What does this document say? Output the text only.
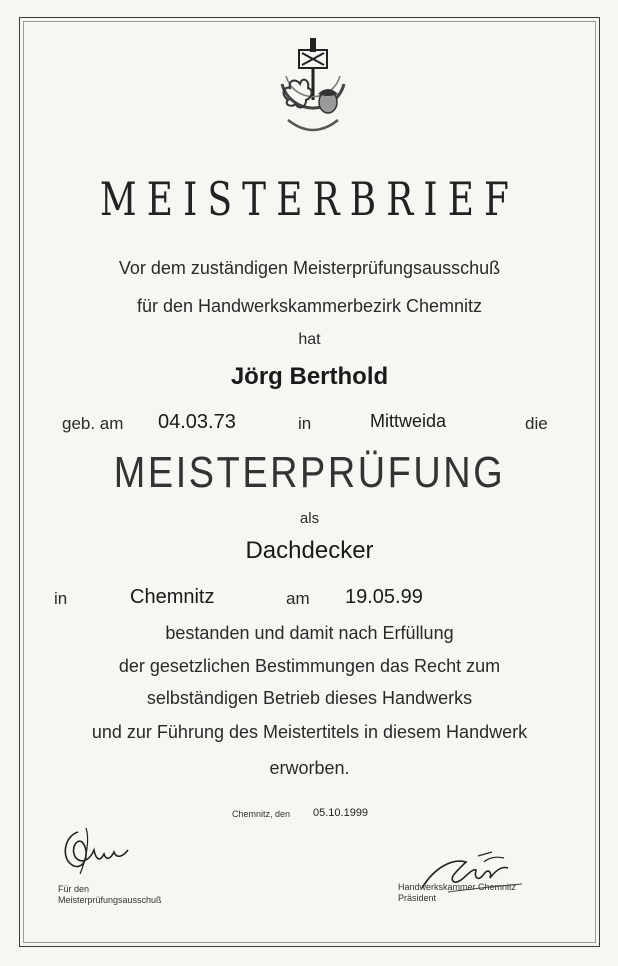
MEISTERBRIEF
Vor dem zuständigen Meisterprüfungsausschuß
für den Handwerkskammerbezirk Chemnitz
hat
Jörg Berthold
geb. am 04.03.73	in	Mittweida	die
MEISTERPRÜFUNG
als
Dachdecker
in	Chemnitz	am 19.05.99
bestanden und damit nach Erfüllung
der gesetzlichen Bestimmungen das Recht zum
selbständigen Betrieb dieses Handwerks
und zur Führung des Meistertitels in diesem Handwerk
erworben.
Chemnitz, den 05.10.1999
Für den
Meisterprüfungsausschuß
Handwerkskammer Chemnitz
Präsident
